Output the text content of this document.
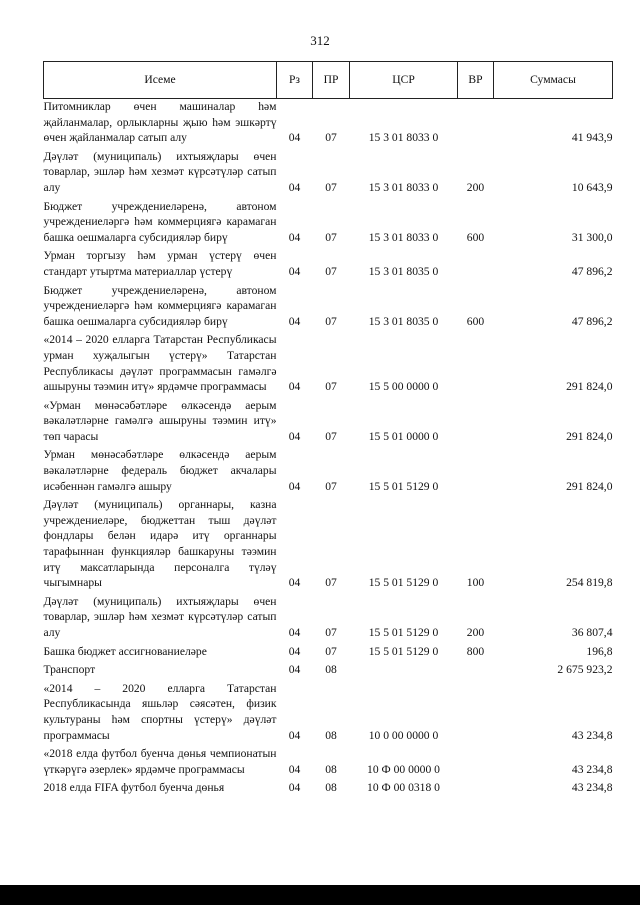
312
Исеме	Рз	ПР	ЦСР	ВР	Суммасы
Питомниклар өчен машиналар һәм җайланмалар, орлыкларны җыю һәм эшкәртү өчен җайланмалар сатып алу	04	07	15 3 01 8033 0		41 943,9
Дәүләт (муниципаль) ихтыяҗлары өчен товарлар, эшләр һәм хезмәт күрсәтүләр сатып алу	04	07	15 3 01 8033 0	200	10 643,9
Бюджет учреждениеләренә, автоном учреждениеләргә һәм коммерциягә карамаган башка оешмаларга субсидияләр бирү	04	07	15 3 01 8033 0	600	31 300,0
Урман торгызу һәм урман үстерү өчен стандарт утыртма материаллар үстерү	04	07	15 3 01 8035 0		47 896,2
Бюджет учреждениеләренә, автоном учреждениеләргә һәм коммерциягә карамаган башка оешмаларга субсидияләр бирү	04	07	15 3 01 8035 0	600	47 896,2
«2014 – 2020 елларга Татарстан Республикасы урман хуҗалыгын үстерү» Татарстан Республикасы дәүләт программасын гамәлгә ашыруны тәэмин итү» ярдәмче программасы	04	07	15 5 00 0000 0		291 824,0
«Урман мөнәсәбәтләре өлкәсендә аерым вәкаләтләрне гамәлгә ашыруны тәэмин итү» төп чарасы	04	07	15 5 01 0000 0		291 824,0
Урман мөнәсәбәтләре өлкәсендә аерым вәкаләтләрне федераль бюджет акчалары исәбеннән гамәлгә ашыру	04	07	15 5 01 5129 0		291 824,0
Дәүләт (муниципаль) органнары, казна учреждениеләре, бюджеттан тыш дәүләт фондлары белән идарә итү органнары тарафыннан функцияләр башкаруны тәэмин итү максатларында персоналга түләү чыгымнары	04	07	15 5 01 5129 0	100	254 819,8
Дәүләт (муниципаль) ихтыяҗлары өчен товарлар, эшләр һәм хезмәт күрсәтүләр сатып алу	04	07	15 5 01 5129 0	200	36 807,4
Башка бюджет ассигнованиеләре	04	07	15 5 01 5129 0	800	196,8
Транспорт	04	08			2 675 923,2
«2014 – 2020 елларга Татарстан Республикасында яшьләр сәясәтен, физик культураны һәм спортны үстерү» дәүләт программасы	04	08	10 0 00 0000 0		43 234,8
«2018 елда футбол буенча дөнья чемпионатын үткәрүгә әзерлек» ярдәмче программасы	04	08	10 Ф 00 0000 0		43 234,8
2018 елда FIFA футбол буенча дөнья	04	08	10 Ф 00 0318 0		43 234,8
